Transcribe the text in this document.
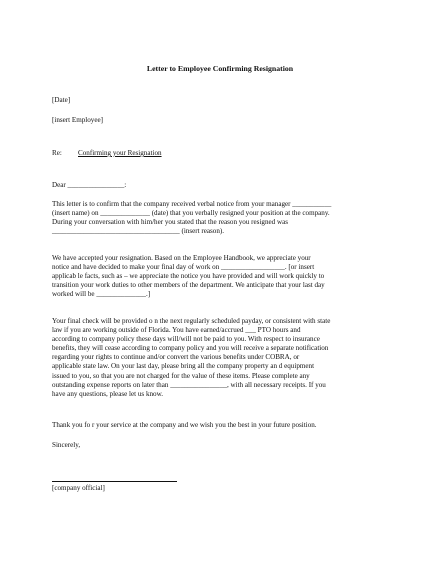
Letter to Employee Confirming Resignation
[Date]
[insert Employee]
Re: Confirming your Resignation
Dear ________________:
This letter is to confirm that the company received verbal notice from your manager ___________
(insert name) on ______________ (date) that you verbally resigned your position at the company.
During your conversation with him/her you stated that the reason you resigned was
____________________________________ (insert reason).
We have accepted your resignation. Based on the Employee Handbook, we appreciate your
notice and have decided to make your final day of work on __________________. [or insert
applicab le facts, such as – we appreciate the notice you have provided and will work quickly to
transition your work duties to other members of the department. We anticipate that your last day
worked will be ______________.]
Your final check will be provided o n the next regularly scheduled payday, or consistent with state
law if you are working outside of Florida. You have earned/accrued ___ PTO hours and
according to company policy these days will/will not be paid to you. With respect to insurance
benefits, they will cease according to company policy and you will receive a separate notification
regarding your rights to continue and/or convert the various benefits under COBRA, or
applicable state law. On your last day, please bring all the company property an d equipment
issued to you, so that you are not charged for the value of these items. Please complete any
outstanding expense reports on later than ________________, with all necessary receipts. If you
have any questions, please let us know.
Thank you fo r your service at the company and we wish you the best in your future position.
Sincerely,
[company official]
